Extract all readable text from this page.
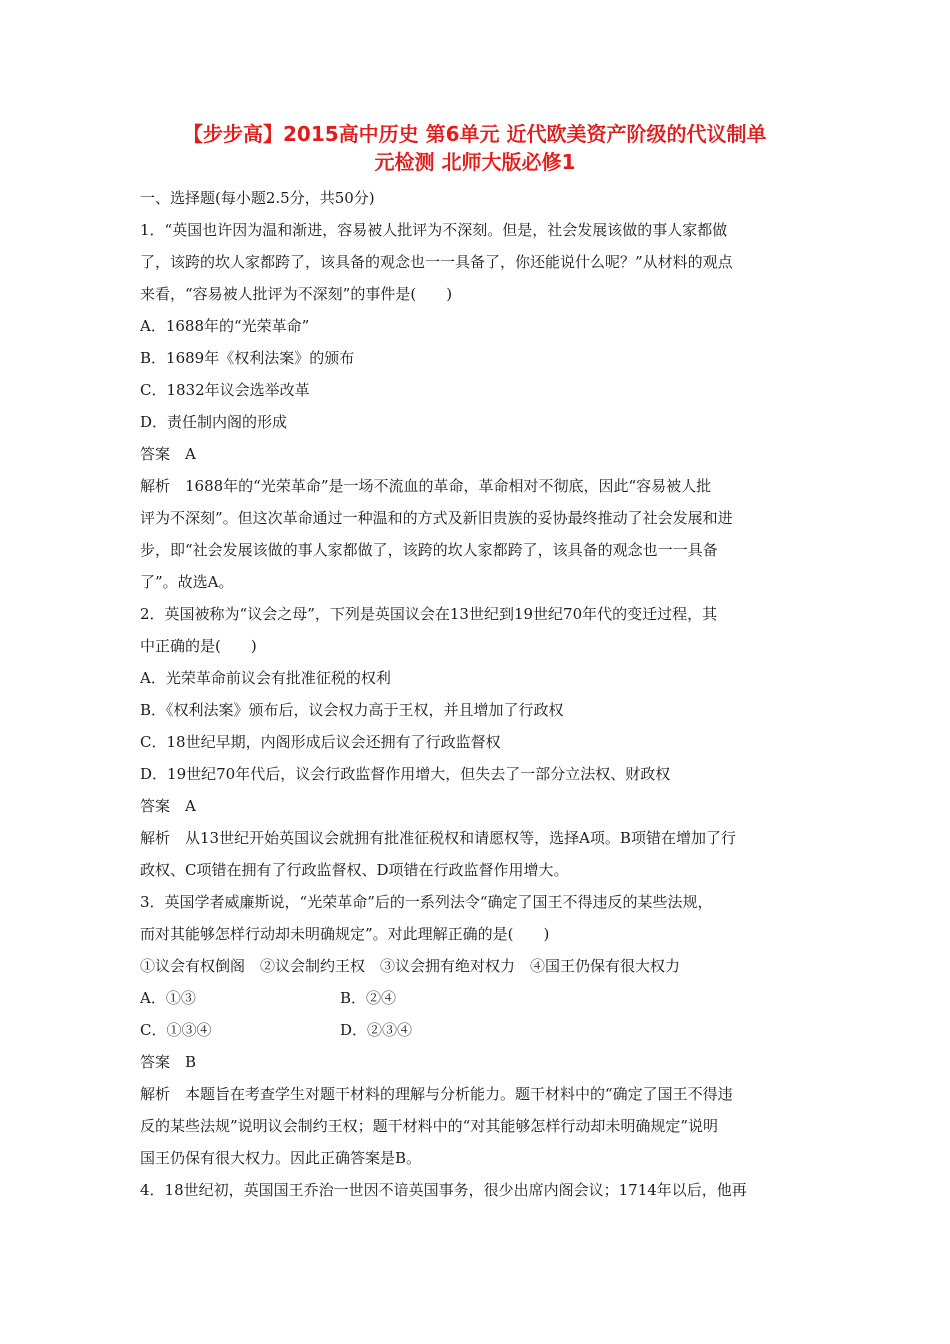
【步步高】2015高中历史 第6单元 近代欧美资产阶级的代议制单
元检测 北师大版必修1
一、选择题(每小题2.5分，共50分)
1．“英国也许因为温和渐进，容易被人批评为不深刻。但是，社会发展该做的事人家都做
了，该跨的坎人家都跨了，该具备的观念也一一具备了，你还能说什么呢？”从材料的观点
来看，“容易被人批评为不深刻”的事件是(　　)
A．1688年的“光荣革命”
B．1689年《权利法案》的颁布
C．1832年议会选举改革
D．责任制内阁的形成
答案　A
解析　1688年的“光荣革命”是一场不流血的革命，革命相对不彻底，因此“容易被人批
评为不深刻”。但这次革命通过一种温和的方式及新旧贵族的妥协最终推动了社会发展和进
步，即“社会发展该做的事人家都做了，该跨的坎人家都跨了，该具备的观念也一一具备
了”。故选A。
2．英国被称为“议会之母”，下列是英国议会在13世纪到19世纪70年代的变迁过程，其
中正确的是(　　)
A．光荣革命前议会有批准征税的权利
B．《权利法案》颁布后，议会权力高于王权，并且增加了行政权
C．18世纪早期，内阁形成后议会还拥有了行政监督权
D．19世纪70年代后，议会行政监督作用增大，但失去了一部分立法权、财政权
答案　A
解析　从13世纪开始英国议会就拥有批准征税权和请愿权等，选择A项。B项错在增加了行
政权、C项错在拥有了行政监督权、D项错在行政监督作用增大。
3．英国学者威廉斯说，“光荣革命”后的一系列法令“确定了国王不得违反的某些法规，
而对其能够怎样行动却未明确规定”。对此理解正确的是(　　)
①议会有权倒阁　②议会制约王权　③议会拥有绝对权力　④国王仍保有很大权力
A．①③	B．②④
C．①③④	D．②③④
答案　B
解析　本题旨在考查学生对题干材料的理解与分析能力。题干材料中的“确定了国王不得违
反的某些法规”说明议会制约王权；题干材料中的“对其能够怎样行动却未明确规定”说明
国王仍保有很大权力。因此正确答案是B。
4．18世纪初，英国国王乔治一世因不谙英国事务，很少出席内阁会议；1714年以后，他再
